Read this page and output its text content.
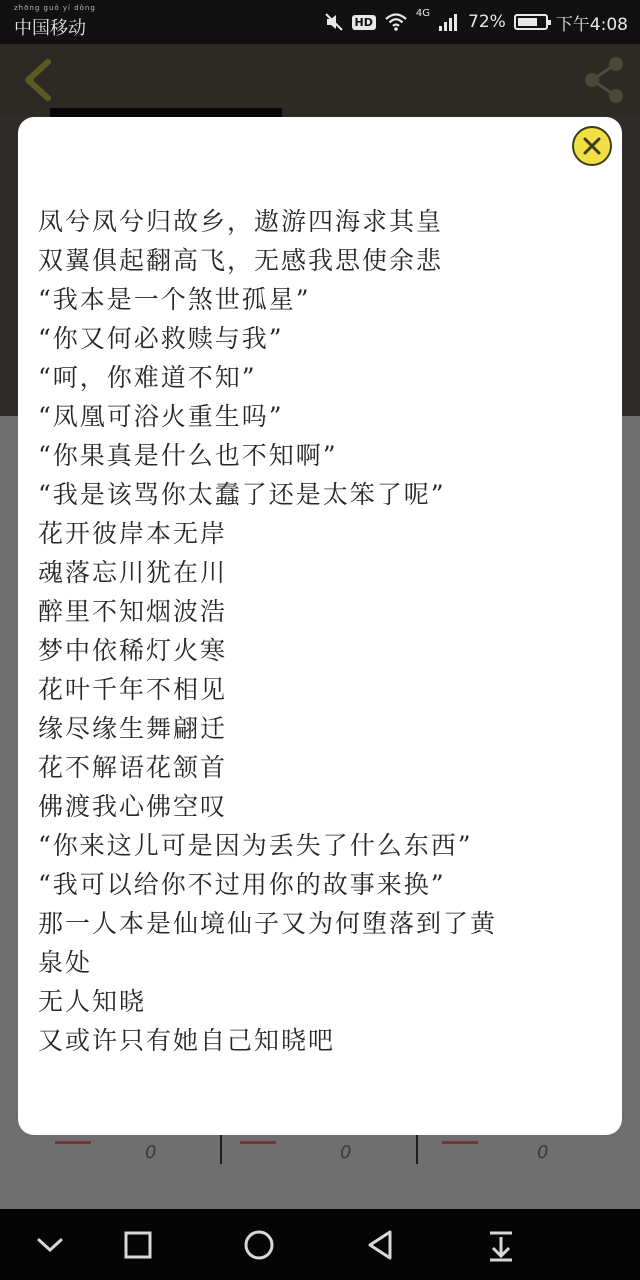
zhōng guó yí dòng
中国移动	HD
4G 72%	下午4:08
0	0	0
凤兮凤兮归故乡，遨游四海求其皇
双翼俱起翻高飞，无感我思使余悲
“我本是一个煞世孤星”
“你又何必救赎与我”
“呵，你难道不知”
“凤凰可浴火重生吗”
“你果真是什么也不知啊”
“我是该骂你太蠢了还是太笨了呢”
花开彼岸本无岸
魂落忘川犹在川
醉里不知烟波浩
梦中依稀灯火寒
花叶千年不相见
缘尽缘生舞翩迁
花不解语花颔首
佛渡我心佛空叹
“你来这儿可是因为丢失了什么东西”
“我可以给你不过用你的故事来换”
那一人本是仙境仙子又为何堕落到了黄
泉处
无人知晓
又或许只有她自己知晓吧
